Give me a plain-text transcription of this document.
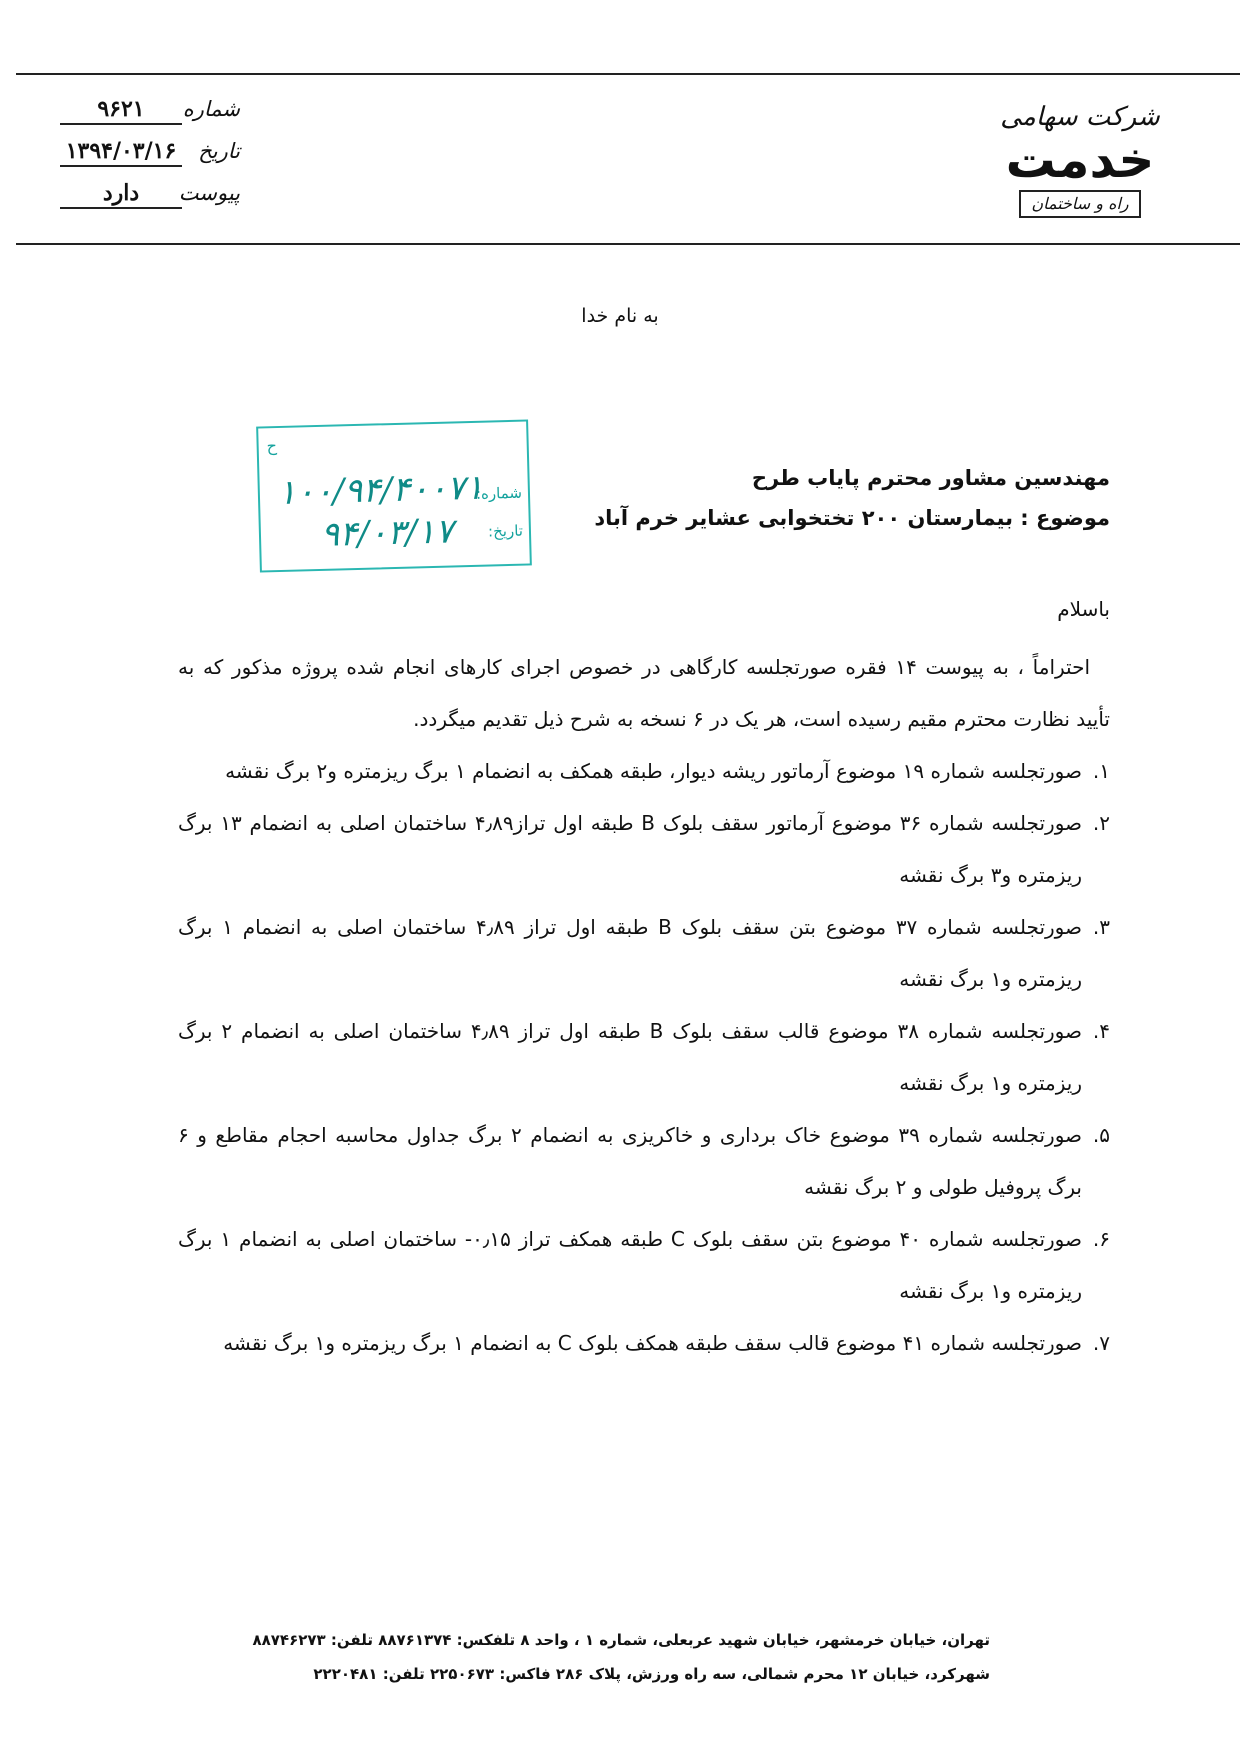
شماره
۹۶۲۱
تاریخ
۱۳۹۴/۰۳/۱۶
پیوست
دارد
شرکت سهامی
خدمت
راه و ساختمان
به نام خدا
ح
شماره:
۱۰۰/۹۴/۴۰۰۷۱
تاریخ:
۹۴/۰۳/۱۷
مهندسین مشاور محترم پایاب طرح
موضوع : بیمارستان ۲۰۰ تختخوابی عشایر خرم آباد
باسلام

احتراماً ، به پیوست ۱۴ فقره صورتجلسه کارگاهی در خصوص اجرای کارهای انجام شده پروژه مذکور که به تأیید نظارت محترم مقیم رسیده است، هر یک در ۶ نسخه به شرح ذیل تقدیم میگردد.

۱.
صورتجلسه شماره ۱۹ موضوع آرماتور ریشه دیوار، طبقه همکف به انضمام ۱ برگ ریزمتره و۲ برگ نقشه
۲.
صورتجلسه شماره ۳۶ موضوع آرماتور سقف بلوک B طبقه اول تراز۴٫۸۹ ساختمان اصلی به انضمام ۱۳ برگ ریزمتره و۳ برگ نقشه
۳.
صورتجلسه شماره ۳۷ موضوع بتن سقف بلوک B طبقه اول تراز ۴٫۸۹ ساختمان اصلی به انضمام ۱ برگ ریزمتره و۱ برگ نقشه
۴.
صورتجلسه شماره ۳۸ موضوع قالب سقف بلوک B طبقه اول تراز ۴٫۸۹ ساختمان اصلی به انضمام ۲ برگ ریزمتره و۱ برگ نقشه
۵.
صورتجلسه شماره ۳۹ موضوع خاک برداری و خاکریزی به انضمام ۲ برگ جداول محاسبه احجام مقاطع و ۶ برگ پروفیل طولی و ۲ برگ نقشه
۶.
صورتجلسه شماره ۴۰ موضوع بتن سقف بلوک C طبقه همکف تراز ۰٫۱۵- ساختمان اصلی به انضمام ۱ برگ ریزمتره و۱ برگ نقشه
۷.
صورتجلسه شماره ۴۱ موضوع قالب سقف طبقه همکف بلوک C به انضمام ۱ برگ ریزمتره و۱ برگ نقشه
تهران، خیابان خرمشهر، خیابان شهید عربعلی، شماره ۱ ، واحد ۸ تلفکس: ۸۸۷۶۱۳۷۴ تلفن: ۸۸۷۴۶۲۷۳
شهرکرد، خیابان ۱۲ محرم شمالی، سه راه ورزش، پلاک ۲۸۶ فاکس: ۲۲۵۰۶۷۳ تلفن: ۲۲۲۰۴۸۱
